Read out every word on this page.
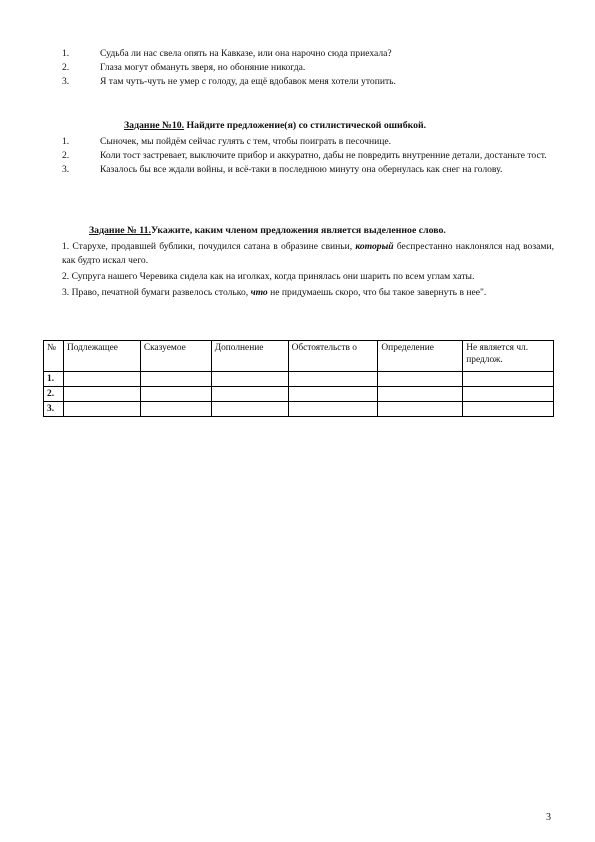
1.	Судьба ли нас свела опять на Кавказе, или она нарочно сюда приехала?
2.	Глаза могут обмануть зверя, но обоняние никогда.
3.	Я там чуть-чуть не умер с голоду, да ещё вдобавок меня хотели утопить.
Задание №10. Найдите предложение(я) со стилистической ошибкой.
1.	Сыночек, мы пойдём сейчас гулять с тем, чтобы поиграть в песочнице.
2.	Коли тост застревает, выключите прибор и аккуратно, дабы не повредить внутренние детали, достаньте тост.
3.	Казалось бы все ждали войны, и всё-таки в последнюю минуту она обернулась как снег на голову.
Задание № 11.Укажите, каким членом предложения является выделенное слово.

1. Старухе, продавшей бублики, почудился сатана в образине свиньи, который беспрестанно наклонялся над возами, как будто искал чего.

2. Супруга нашего Черевика сидела как на иголках, когда принялась они шарить по всем углам хаты.

3. Право, печатной бумаги развелось столько, что не придумаешь скоро, что бы такое завернуть в нее".

№	Подлежащее	Сказуемое	Дополнение	Обстоятельств о	Определение	Не является чл. предлож.
1.						
2.						
3.						
3
